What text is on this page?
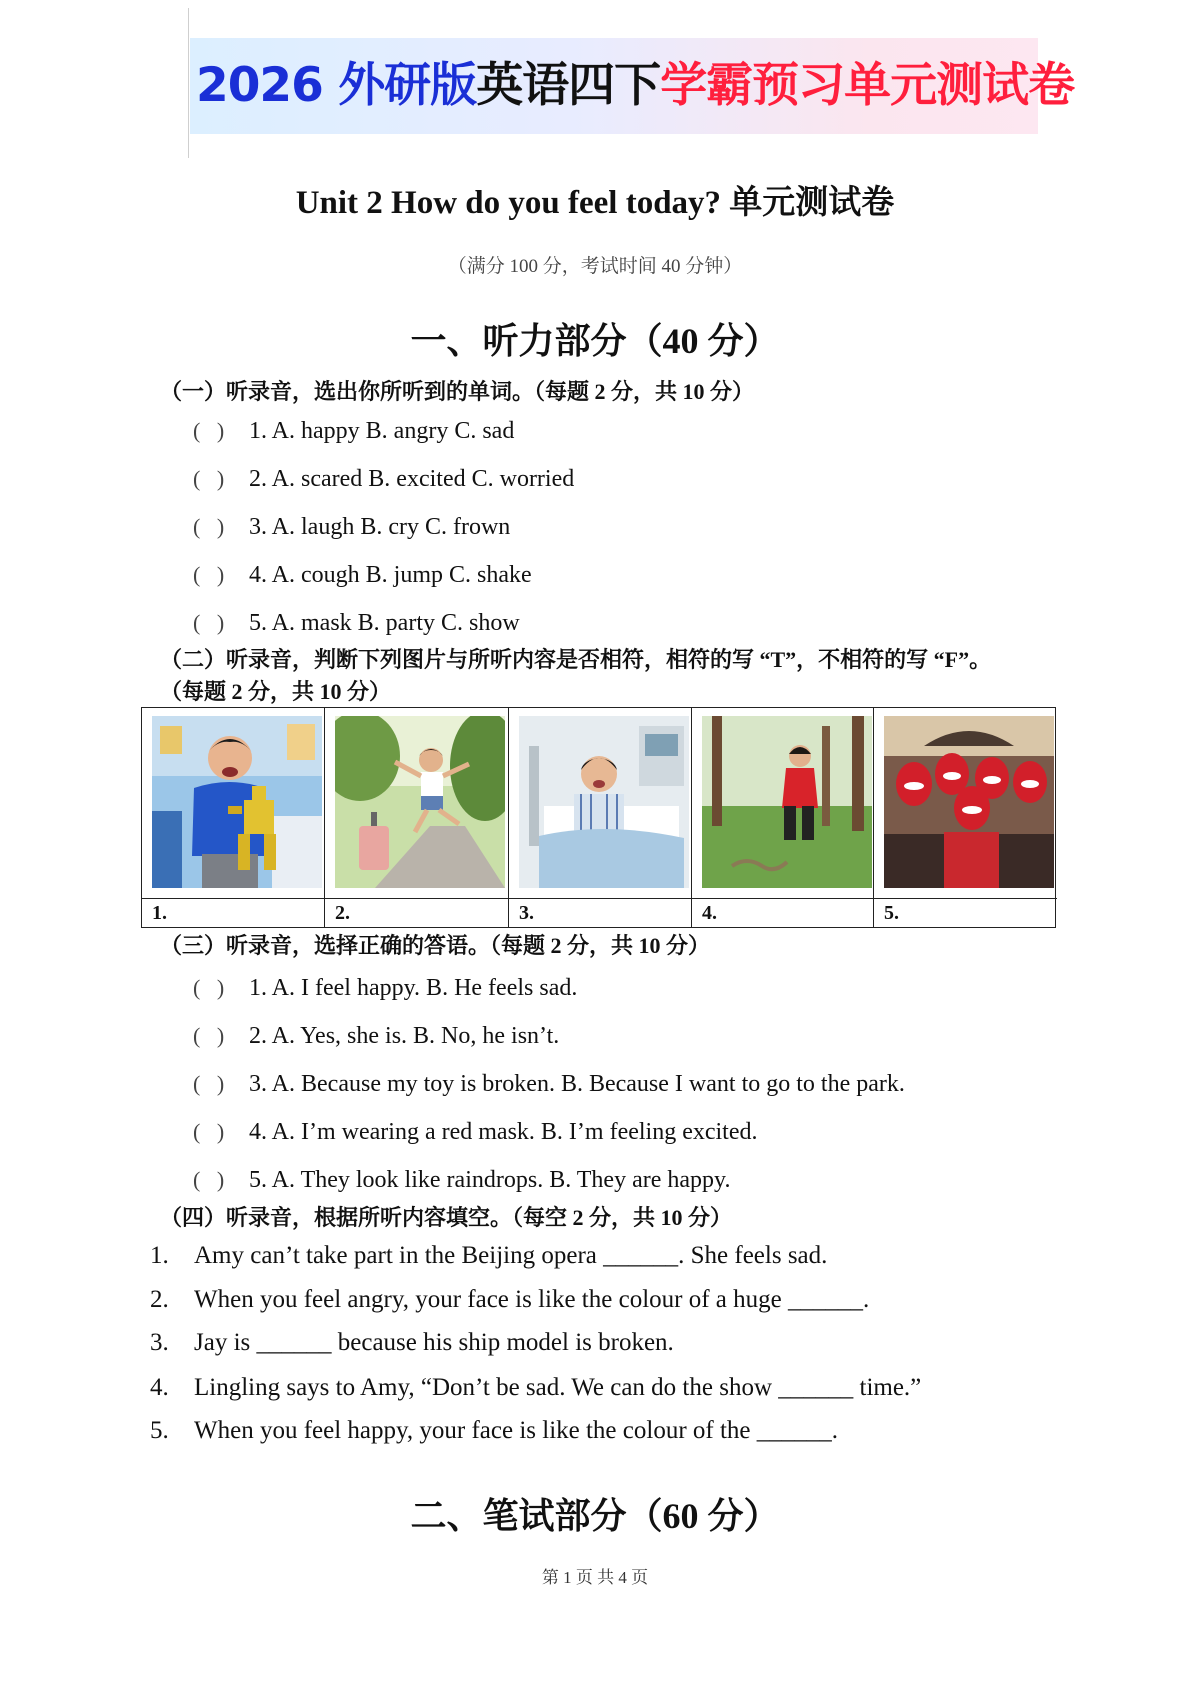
2026 外研版英语四下学霸预习单元测试卷
Unit 2 How do you feel today? 单元测试卷
（满分 100 分，考试时间 40 分钟）
一、听力部分（40 分）
（一）听录音，选出你所听到的单词。（每题 2 分，共 10 分）
(   ) 1. A. happy B. angry C. sad
(   ) 2. A. scared B. excited C. worried
(   ) 3. A. laugh B. cry C. frown
(   ) 4. A. cough B. jump C. shake
(   ) 5. A. mask B. party C. show
（二）听录音，判断下列图片与所听内容是否相符，相符的写 “T”，不相符的写 “F”。
（每题 2 分，共 10 分）
1.	2.	3.	4.	5.
（三）听录音，选择正确的答语。（每题 2 分，共 10 分）
(   ) 1. A. I feel happy. B. He feels sad.
(   ) 2. A. Yes, she is. B. No, he isn’t.
(   ) 3. A. Because my toy is broken. B. Because I want to go to the park.
(   ) 4. A. I’m wearing a red mask. B. I’m feeling excited.
(   ) 5. A. They look like raindrops. B. They are happy.
（四）听录音，根据所听内容填空。（每空 2 分，共 10 分）
1. Amy can’t take part in the Beijing opera ______. She feels sad.
2. When you feel angry, your face is like the colour of a huge ______.
3. Jay is ______ because his ship model is broken.
4. Lingling says to Amy, “Don’t be sad. We can do the show ______ time.”
5. When you feel happy, your face is like the colour of the ______.
二、笔试部分（60 分）
第 1 页 共 4 页
